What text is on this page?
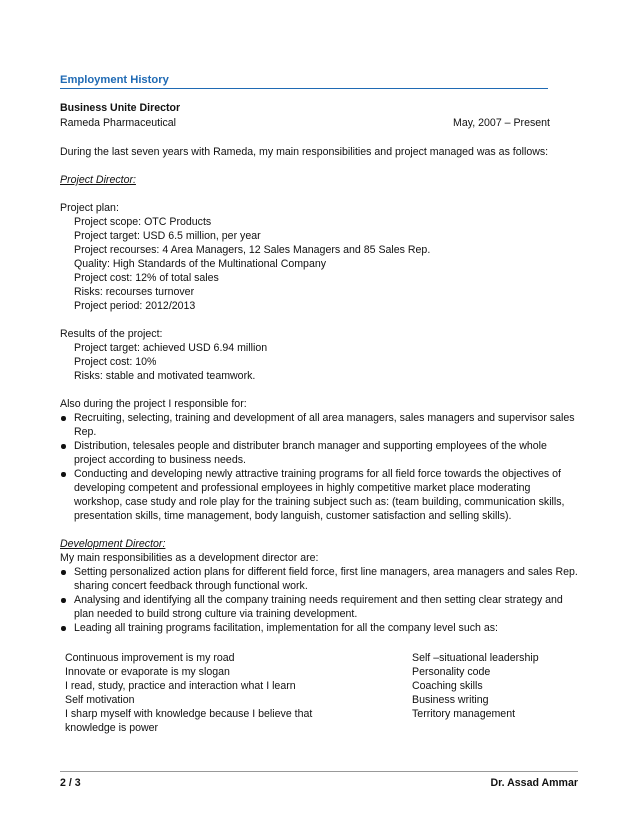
Employment History
Business Unite Director
Rameda Pharmaceutical	May, 2007 – Present
During the last seven years with Rameda, my main responsibilities and project managed was as follows:
Project Director:
Project plan:
Project scope: OTC Products
Project target: USD 6.5 million, per year
Project recourses: 4 Area Managers, 12 Sales Managers and 85 Sales Rep.
Quality: High Standards of the Multinational Company
Project cost: 12% of total sales
Risks: recourses turnover
Project period: 2012/2013
Results of the project:
Project target: achieved USD 6.94 million
Project cost: 10%
Risks: stable and motivated teamwork.
Also during the project I responsible for:
Recruiting, selecting, training and development of all area managers, sales managers and supervisor sales Rep.
Distribution, telesales people and distributer branch manager and supporting employees of the whole project according to business needs.
Conducting and developing newly attractive training programs for all field force towards the objectives of developing competent and professional employees in highly competitive market place moderating workshop, case study and role play for the training subject such as: (team building, communication skills, presentation skills, time management, body languish, customer satisfaction and selling skills).
Development Director:
My main responsibilities as a development director are:
Setting personalized action plans for different field force, first line managers, area managers and sales Rep. sharing concert feedback through functional work.
Analysing and identifying all the company training needs requirement and then setting clear strategy and plan needed to build strong culture via training development.
Leading all training programs facilitation, implementation for all the company level such as:
Continuous improvement is my road
Innovate or evaporate is my slogan
I read, study, practice and interaction what I learn
Self motivation
I sharp myself with knowledge because I believe that
knowledge is power
Self –situational leadership
Personality code
Coaching skills
Business writing
Territory management
2 / 3	Dr. Assad Ammar
